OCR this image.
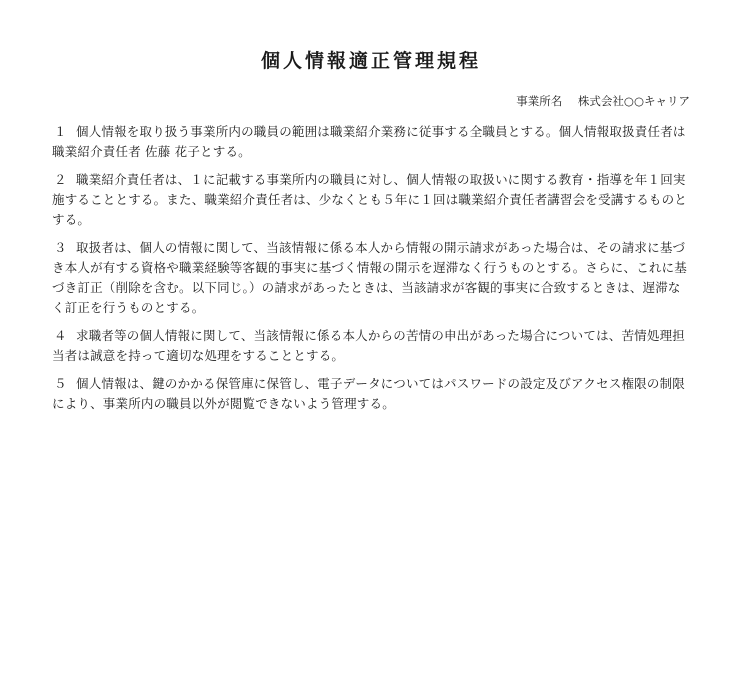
個人情報適正管理規程
事業所名 株式会社○○キャリア
１ 個人情報を取り扱う事業所内の職員の範囲は職業紹介業務に従事する全職員とする。個人情報取扱責任者は職業紹介責任者 佐藤 花子とする。
２ 職業紹介責任者は、１に記載する事業所内の職員に対し、個人情報の取扱いに関する教育・指導を年１回実施することとする。また、職業紹介責任者は、少なくとも５年に１回は職業紹介責任者講習会を受講するものとする。
３ 取扱者は、個人の情報に関して、当該情報に係る本人から情報の開示請求があった場合は、その請求に基づき本人が有する資格や職業経験等客観的事実に基づく情報の開示を遅滞なく行うものとする。さらに、これに基づき訂正（削除を含む。以下同じ。）の請求があったときは、当該請求が客観的事実に合致するときは、遅滞なく訂正を行うものとする。
４ 求職者等の個人情報に関して、当該情報に係る本人からの苦情の申出があった場合については、苦情処理担当者は誠意を持って適切な処理をすることとする。
５ 個人情報は、鍵のかかる保管庫に保管し、電子データについてはパスワードの設定及びアクセス権限の制限により、事業所内の職員以外が閲覧できないよう管理する。
